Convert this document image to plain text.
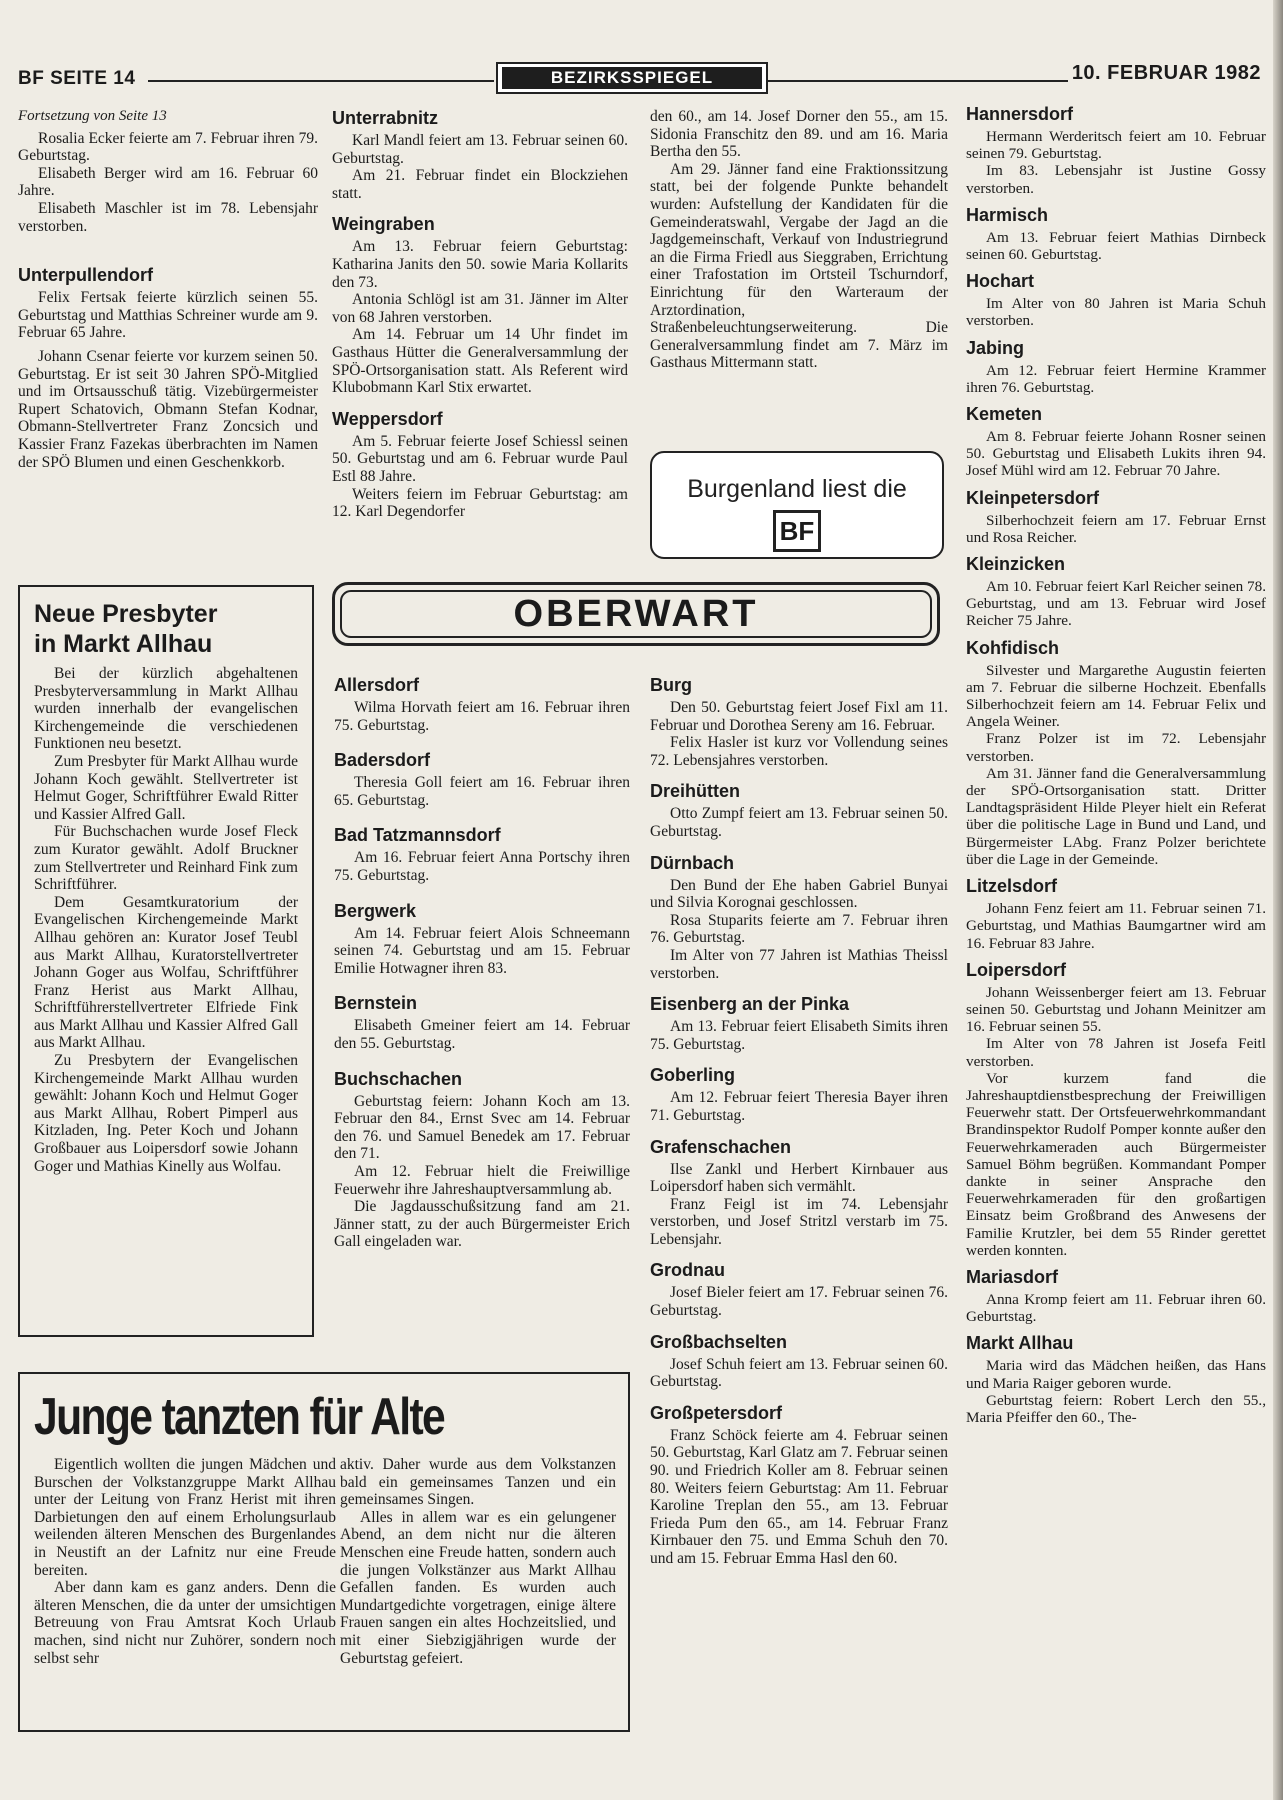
BF SEITE 14	BEZIRKSSPIEGEL	10. FEBRUAR 1982
Fortsetzung von Seite 13

Rosalia Ecker feierte am 7. Februar ihren 79. Geburtstag.

Elisabeth Berger wird am 16. Februar 60 Jahre.

Elisabeth Maschler ist im 78. Lebensjahr verstorben.

Unterpullendorf

Felix Fertsak feierte kürzlich seinen 55. Geburtstag und Matthias Schreiner wurde am 9. Februar 65 Jahre.

Johann Csenar feierte vor kurzem seinen 50. Geburtstag. Er ist seit 30 Jahren SPÖ-Mitglied und im Ortsausschuß tätig. Vizebürgermeister Rupert Schatovich, Obmann Stefan Kodnar, Obmann-Stellvertreter Franz Zoncsich und Kassier Franz Fazekas überbrachten im Namen der SPÖ Blumen und einen Geschenkkorb.

Unterrabnitz

Karl Mandl feiert am 13. Februar seinen 60. Geburtstag.

Am 21. Februar findet ein Blockziehen statt.

Weingraben

Am 13. Februar feiern Geburtstag: Katharina Janits den 50. sowie Maria Kollarits den 73.

Antonia Schlögl ist am 31. Jänner im Alter von 68 Jahren verstorben.

Am 14. Februar um 14 Uhr findet im Gasthaus Hütter die Generalversammlung der SPÖ-Ortsorganisation statt. Als Referent wird Klubobmann Karl Stix erwartet.

Weppersdorf

Am 5. Februar feierte Josef Schiessl seinen 50. Geburtstag und am 6. Februar wurde Paul Estl 88 Jahre.

Weiters feiern im Februar Geburtstag: am 12. Karl Degendorfer

den 60., am 14. Josef Dorner den 55., am 15. Sidonia Franschitz den 89. und am 16. Maria Bertha den 55.

Am 29. Jänner fand eine Fraktionssitzung statt, bei der folgende Punkte behandelt wurden: Aufstellung der Kandidaten für die Gemeinderatswahl, Vergabe der Jagd an die Jagdgemeinschaft, Verkauf von Industriegrund an die Firma Friedl aus Sieggraben, Errichtung einer Trafostation im Ortsteil Tschurndorf, Einrichtung für den Warteraum der Arztordination, Straßenbeleuchtungserweiterung. Die Generalversammlung findet am 7. März im Gasthaus Mittermann statt.

Burgenland liest die
BF
OBERWART
Neue Presbyter
in Markt Allhau

Bei der kürzlich abgehaltenen Presbyterversammlung in Markt Allhau wurden innerhalb der evangelischen Kirchengemeinde die verschiedenen Funktionen neu besetzt.

Zum Presbyter für Markt Allhau wurde Johann Koch gewählt. Stellvertreter ist Helmut Goger, Schriftführer Ewald Ritter und Kassier Alfred Gall.

Für Buchschachen wurde Josef Fleck zum Kurator gewählt. Adolf Bruckner zum Stellvertreter und Reinhard Fink zum Schriftführer.

Dem Gesamtkuratorium der Evangelischen Kirchengemeinde Markt Allhau gehören an: Kurator Josef Teubl aus Markt Allhau, Kuratorstellvertreter Johann Goger aus Wolfau, Schriftführer Franz Herist aus Markt Allhau, Schriftführerstellvertreter Elfriede Fink aus Markt Allhau und Kassier Alfred Gall aus Markt Allhau.

Zu Presbytern der Evangelischen Kirchengemeinde Markt Allhau wurden gewählt: Johann Koch und Helmut Goger aus Markt Allhau, Robert Pimperl aus Kitzladen, Ing. Peter Koch und Johann Großbauer aus Loipersdorf sowie Johann Goger und Mathias Kinelly aus Wolfau.

Allersdorf

Wilma Horvath feiert am 16. Februar ihren 75. Geburtstag.

Badersdorf

Theresia Goll feiert am 16. Februar ihren 65. Geburtstag.

Bad Tatzmannsdorf

Am 16. Februar feiert Anna Portschy ihren 75. Geburtstag.

Bergwerk

Am 14. Februar feiert Alois Schneemann seinen 74. Geburtstag und am 15. Februar Emilie Hotwagner ihren 83.

Bernstein

Elisabeth Gmeiner feiert am 14. Februar den 55. Geburtstag.

Buchschachen

Geburtstag feiern: Johann Koch am 13. Februar den 84., Ernst Svec am 14. Februar den 76. und Samuel Benedek am 17. Februar den 71.

Am 12. Februar hielt die Freiwillige Feuerwehr ihre Jahreshauptversammlung ab.

Die Jagdausschußsitzung fand am 21. Jänner statt, zu der auch Bürgermeister Erich Gall eingeladen war.

Burg

Den 50. Geburtstag feiert Josef Fixl am 11. Februar und Dorothea Sereny am 16. Februar.

Felix Hasler ist kurz vor Vollendung seines 72. Lebensjahres verstorben.

Dreihütten

Otto Zumpf feiert am 13. Februar seinen 50. Geburtstag.

Dürnbach

Den Bund der Ehe haben Gabriel Bunyai und Silvia Korognai geschlossen.

Rosa Stuparits feierte am 7. Februar ihren 76. Geburtstag.

Im Alter von 77 Jahren ist Mathias Theissl verstorben.

Eisenberg an der Pinka

Am 13. Februar feiert Elisabeth Simits ihren 75. Geburtstag.

Goberling

Am 12. Februar feiert Theresia Bayer ihren 71. Geburtstag.

Grafenschachen

Ilse Zankl und Herbert Kirnbauer aus Loipersdorf haben sich vermählt.

Franz Feigl ist im 74. Lebensjahr verstorben, und Josef Stritzl verstarb im 75. Lebensjahr.

Grodnau

Josef Bieler feiert am 17. Februar seinen 76. Geburtstag.

Großbachselten

Josef Schuh feiert am 13. Februar seinen 60. Geburtstag.

Großpetersdorf

Franz Schöck feierte am 4. Februar seinen 50. Geburtstag, Karl Glatz am 7. Februar seinen 90. und Friedrich Koller am 8. Februar seinen 80. Weiters feiern Geburtstag: Am 11. Februar Karoline Treplan den 55., am 13. Februar Frieda Pum den 65., am 14. Februar Franz Kirnbauer den 75. und Emma Schuh den 70. und am 15. Februar Emma Hasl den 60.

Hannersdorf

Hermann Werderitsch feiert am 10. Februar seinen 79. Geburtstag.

Im 83. Lebensjahr ist Justine Gossy verstorben.

Harmisch

Am 13. Februar feiert Mathias Dirnbeck seinen 60. Geburtstag.

Hochart

Im Alter von 80 Jahren ist Maria Schuh verstorben.

Jabing

Am 12. Februar feiert Hermine Krammer ihren 76. Geburtstag.

Kemeten

Am 8. Februar feierte Johann Rosner seinen 50. Geburtstag und Elisabeth Lukits ihren 94. Josef Mühl wird am 12. Februar 70 Jahre.

Kleinpetersdorf

Silberhochzeit feiern am 17. Februar Ernst und Rosa Reicher.

Kleinzicken

Am 10. Februar feiert Karl Reicher seinen 78. Geburtstag, und am 13. Februar wird Josef Reicher 75 Jahre.

Kohfidisch

Silvester und Margarethe Augustin feierten am 7. Februar die silberne Hochzeit. Ebenfalls Silberhochzeit feiern am 14. Februar Felix und Angela Weiner.

Franz Polzer ist im 72. Lebensjahr verstorben.

Am 31. Jänner fand die Generalversammlung der SPÖ-Ortsorganisation statt. Dritter Landtagspräsident Hilde Pleyer hielt ein Referat über die politische Lage in Bund und Land, und Bürgermeister LAbg. Franz Polzer berichtete über die Lage in der Gemeinde.

Litzelsdorf

Johann Fenz feiert am 11. Februar seinen 71. Geburtstag, und Mathias Baumgartner wird am 16. Februar 83 Jahre.

Loipersdorf

Johann Weissenberger feiert am 13. Februar seinen 50. Geburtstag und Johann Meinitzer am 16. Februar seinen 55.

Im Alter von 78 Jahren ist Josefa Feitl verstorben.

Vor kurzem fand die Jahreshauptdienstbesprechung der Freiwilligen Feuerwehr statt. Der Ortsfeuerwehrkommandant Brandinspektor Rudolf Pomper konnte außer den Feuerwehrkameraden auch Bürgermeister Samuel Böhm begrüßen. Kommandant Pomper dankte in seiner Ansprache den Feuerwehrkameraden für den großartigen Einsatz beim Großbrand des Anwesens der Familie Krutzler, bei dem 55 Rinder gerettet werden konnten.

Mariasdorf

Anna Kromp feiert am 11. Februar ihren 60. Geburtstag.

Markt Allhau

Maria wird das Mädchen heißen, das Hans und Maria Raiger geboren wurde.

Geburtstag feiern: Robert Lerch den 55., Maria Pfeiffer den 60., The-

Junge tanzten für Alte

Eigentlich wollten die jungen Mädchen und Burschen der Volkstanzgruppe Markt Allhau unter der Leitung von Franz Herist mit ihren Darbietungen den auf einem Erholungsurlaub weilenden älteren Menschen des Burgenlandes in Neustift an der Lafnitz nur eine Freude bereiten.

Aber dann kam es ganz anders. Denn die älteren Menschen, die da unter der umsichtigen Betreuung von Frau Amtsrat Koch Urlaub machen, sind nicht nur Zuhörer, sondern noch selbst sehr

aktiv. Daher wurde aus dem Volkstanzen bald ein gemeinsames Tanzen und ein gemeinsames Singen.

Alles in allem war es ein gelungener Abend, an dem nicht nur die älteren Menschen eine Freude hatten, sondern auch die jungen Volkstänzer aus Markt Allhau Gefallen fanden. Es wurden auch Mundartgedichte vorgetragen, einige ältere Frauen sangen ein altes Hochzeitslied, und mit einer Siebzigjährigen wurde der Geburtstag gefeiert.
